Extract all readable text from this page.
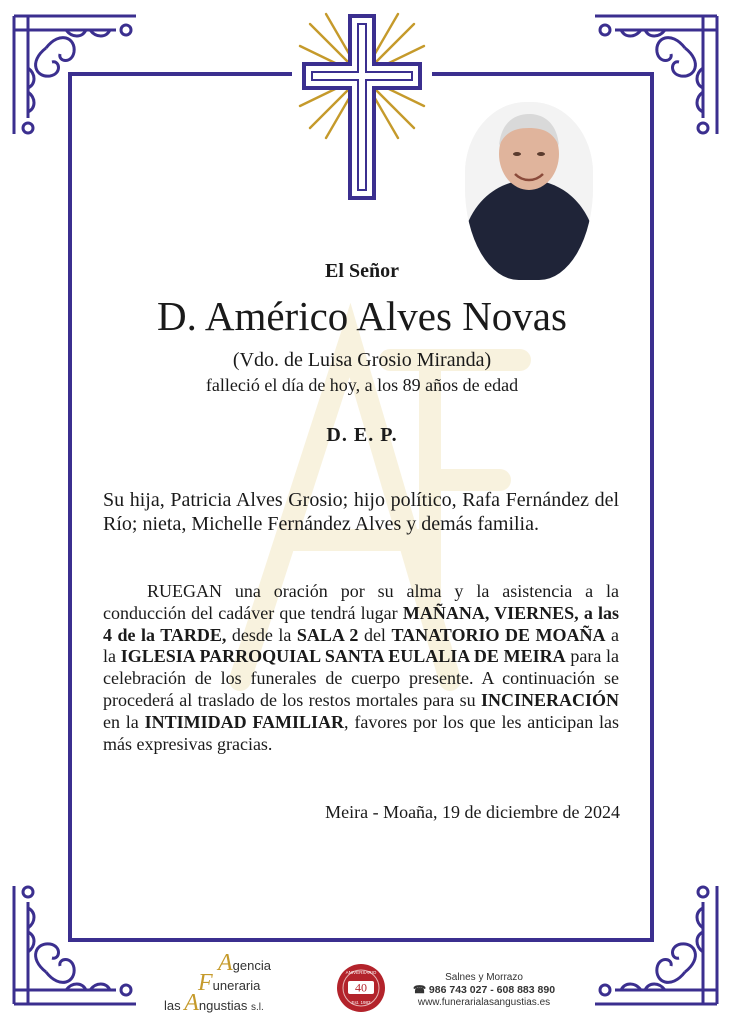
El Señor
D. Américo Alves Novas
(Vdo. de Luisa Grosio Miranda)
falleció el día de hoy, a los 89 años de edad
D. E. P.
Su hija, Patricia Alves Grosio; hijo político, Rafa Fernández del Río; nieta, Michelle Fernández Alves y demás familia.
RUEGAN una oración por su alma y la asistencia a la conducción del cadáver que tendrá lugar MAÑANA, VIERNES, a las 4 de la TARDE, desde la SALA 2 del TANATORIO DE MOAÑA a la IGLESIA PARROQUIAL SANTA EULALIA DE MEIRA para la celebración de los funerales de cuerpo presente. A continuación se procederá al traslado de los restos mortales para su INCINERACIÓN en la INTIMIDAD FAMILIAR, favores por los que les anticipan las más expresivas gracias.
Meira - Moaña, 19 de diciembre de 2024
Agencia
Funeraria
las Angustias s.l.
ANIVERSARIO
40
Est. 1983
Salnes y Morrazo
☎ 986 743 027 - 608 883 890
www.funerarialasangustias.es
